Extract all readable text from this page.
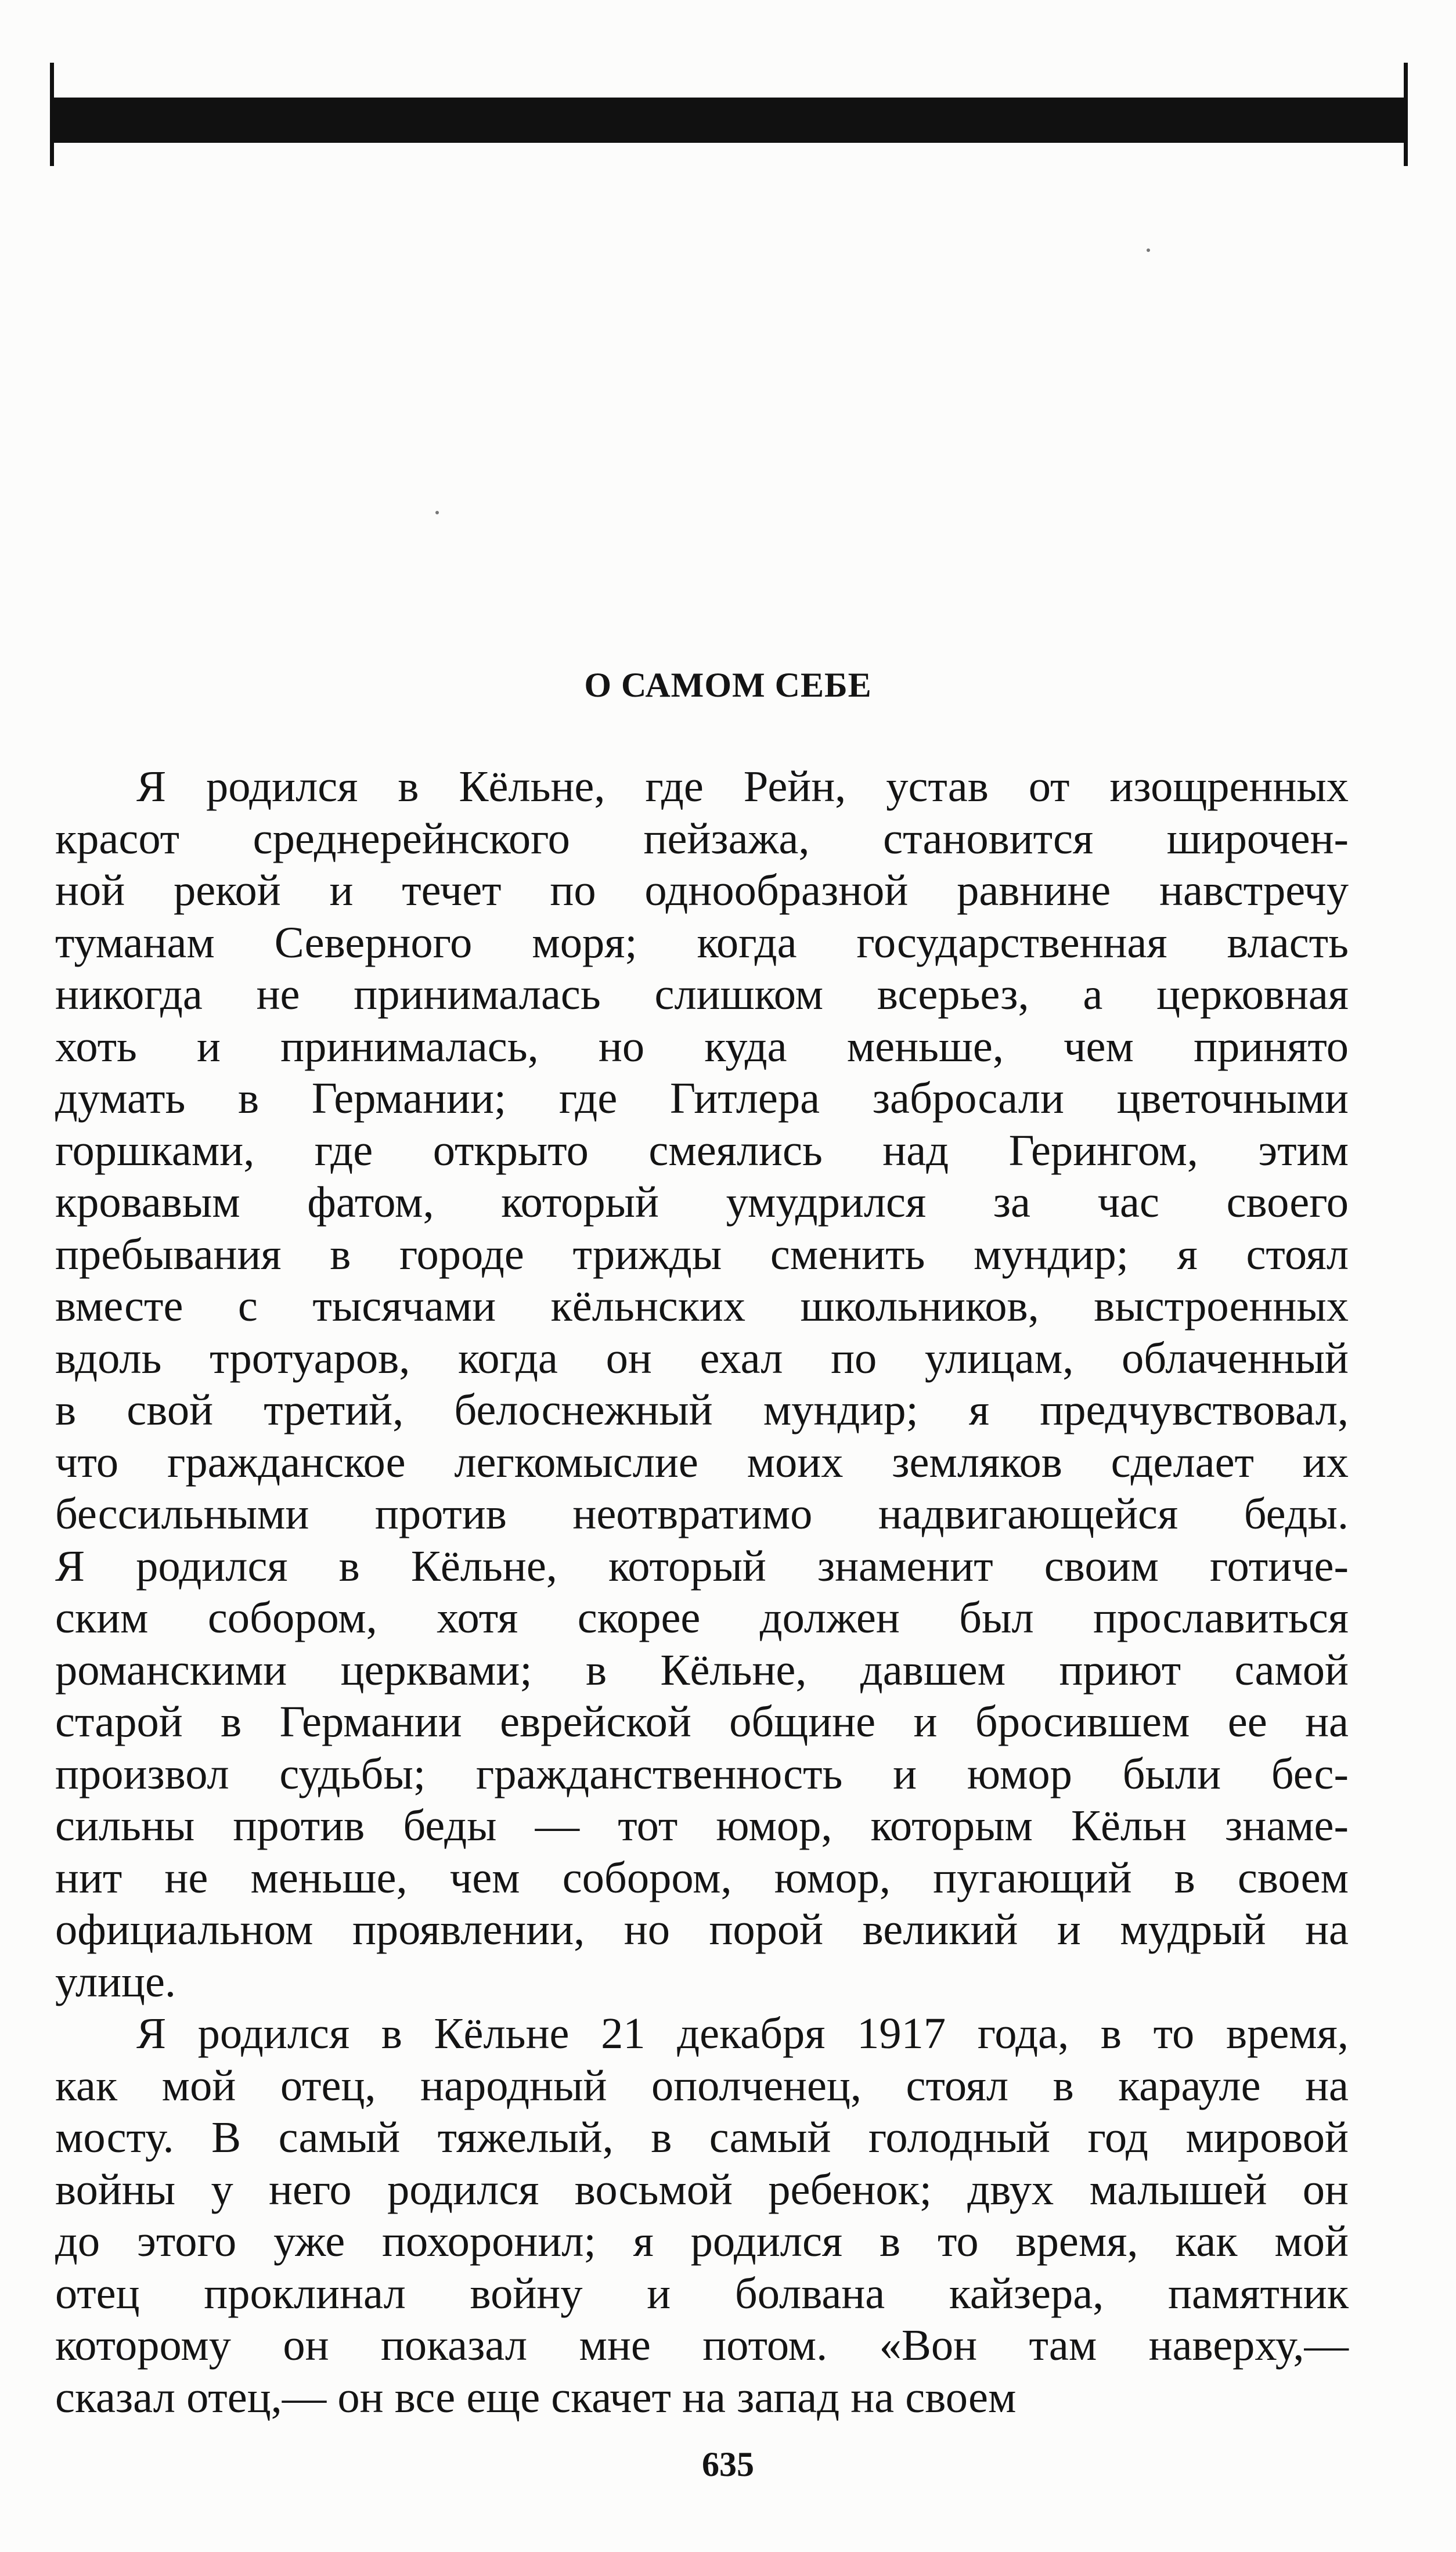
О САМОМ СЕБЕ
Я родился в Кёльне, где Рейн, устав от изощренных
красот среднерейнского пейзажа, становится широчен-
ной рекой и течет по однообразной равнине навстречу
туманам Северного моря; когда государственная власть
никогда не принималась слишком всерьез, а церковная
хоть и принималась, но куда меньше, чем принято
думать в Германии; где Гитлера забросали цветочными
горшками, где открыто смеялись над Герингом, этим
кровавым фатом, который умудрился за час своего
пребывания в городе трижды сменить мундир; я стоял
вместе с тысячами кёльнских школьников, выстроенных
вдоль тротуаров, когда он ехал по улицам, облаченный
в свой третий, белоснежный мундир; я предчувствовал,
что гражданское легкомыслие моих земляков сделает их
бессильными против неотвратимо надвигающейся беды.
Я родился в Кёльне, который знаменит своим готиче-
ским собором, хотя скорее должен был прославиться
романскими церквами; в Кёльне, давшем приют самой
старой в Германии еврейской общине и бросившем ее на
произвол судьбы; гражданственность и юмор были бес-
сильны против беды — тот юмор, которым Кёльн знаме-
нит не меньше, чем собором, юмор, пугающий в своем
официальном проявлении, но порой великий и мудрый на
улице.
Я родился в Кёльне 21 декабря 1917 года, в то время,
как мой отец, народный ополченец, стоял в карауле на
мосту. В самый тяжелый, в самый голодный год мировой
войны у него родился восьмой ребенок; двух малышей он
до этого уже похоронил; я родился в то время, как мой
отец проклинал войну и болвана кайзера, памятник
которому он показал мне потом. «Вон там наверху,—
сказал отец,— он все еще скачет на запад на своем
635
